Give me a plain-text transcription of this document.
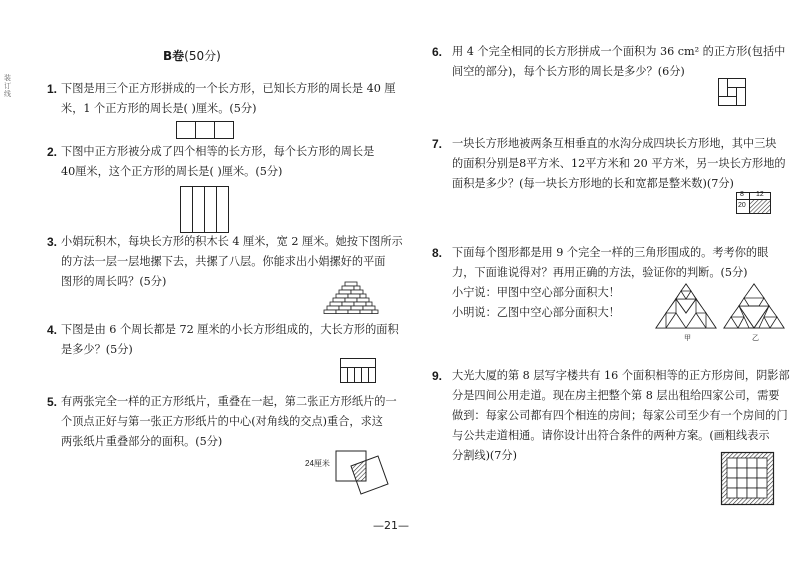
装订线
B卷(50分)
1. 下图是用三个正方形拼成的一个长方形，已知长方形的周长是 40 厘
米，1 个正方形的周长是( )厘米。(5分)
2. 下图中正方形被分成了四个相等的长方形，每个长方形的周长是
40厘米，这个正方形的周长是( )厘米。(5分)
3. 小娟玩积木，每块长方形的积木长 4 厘米，宽 2 厘米。她按下图所示
的方法一层一层地摞下去，共摞了八层。你能求出小娟摞好的平面
图形的周长吗？(5分)
4. 下图是由 6 个周长都是 72 厘米的小长方形组成的，大长方形的面积
是多少？(5分)
5. 有两张完全一样的正方形纸片，重叠在一起，第二张正方形纸片的一
个顶点正好与第一张正方形纸片的中心(对角线的交点)重合，求这
两张纸片重叠部分的面积。(5分)
24厘米
6. 用 4 个完全相同的长方形拼成一个面积为 36 cm² 的正方形(包括中
间空的部分)，每个长方形的周长是多少？(6分)
7. 一块长方形地被两条互相垂直的水沟分成四块长方形地，其中三块
的面积分别是8平方米、12平方米和 20 平方米，另一块长方形地的
面积是多少？(每一块长方形地的长和宽都是整米数)(7分)
8 12
20
8. 下面每个图形都是用 9 个完全一样的三角形围成的。考考你的眼
力，下面谁说得对？再用正确的方法，验证你的判断。(5分)
小宁说：甲图中空心部分面积大！
小明说：乙图中空心部分面积大！
甲	乙
9. 大光大厦的第 8 层写字楼共有 16 个面积相等的正方形房间，阴影部
分是四间公用走道。现在房主把整个第 8 层出租给四家公司，需要
做到：每家公司都有四个相连的房间；每家公司至少有一个房间的门
与公共走道相通。请你设计出符合条件的两种方案。(画粗线表示
分割线)(7分)
—21—
